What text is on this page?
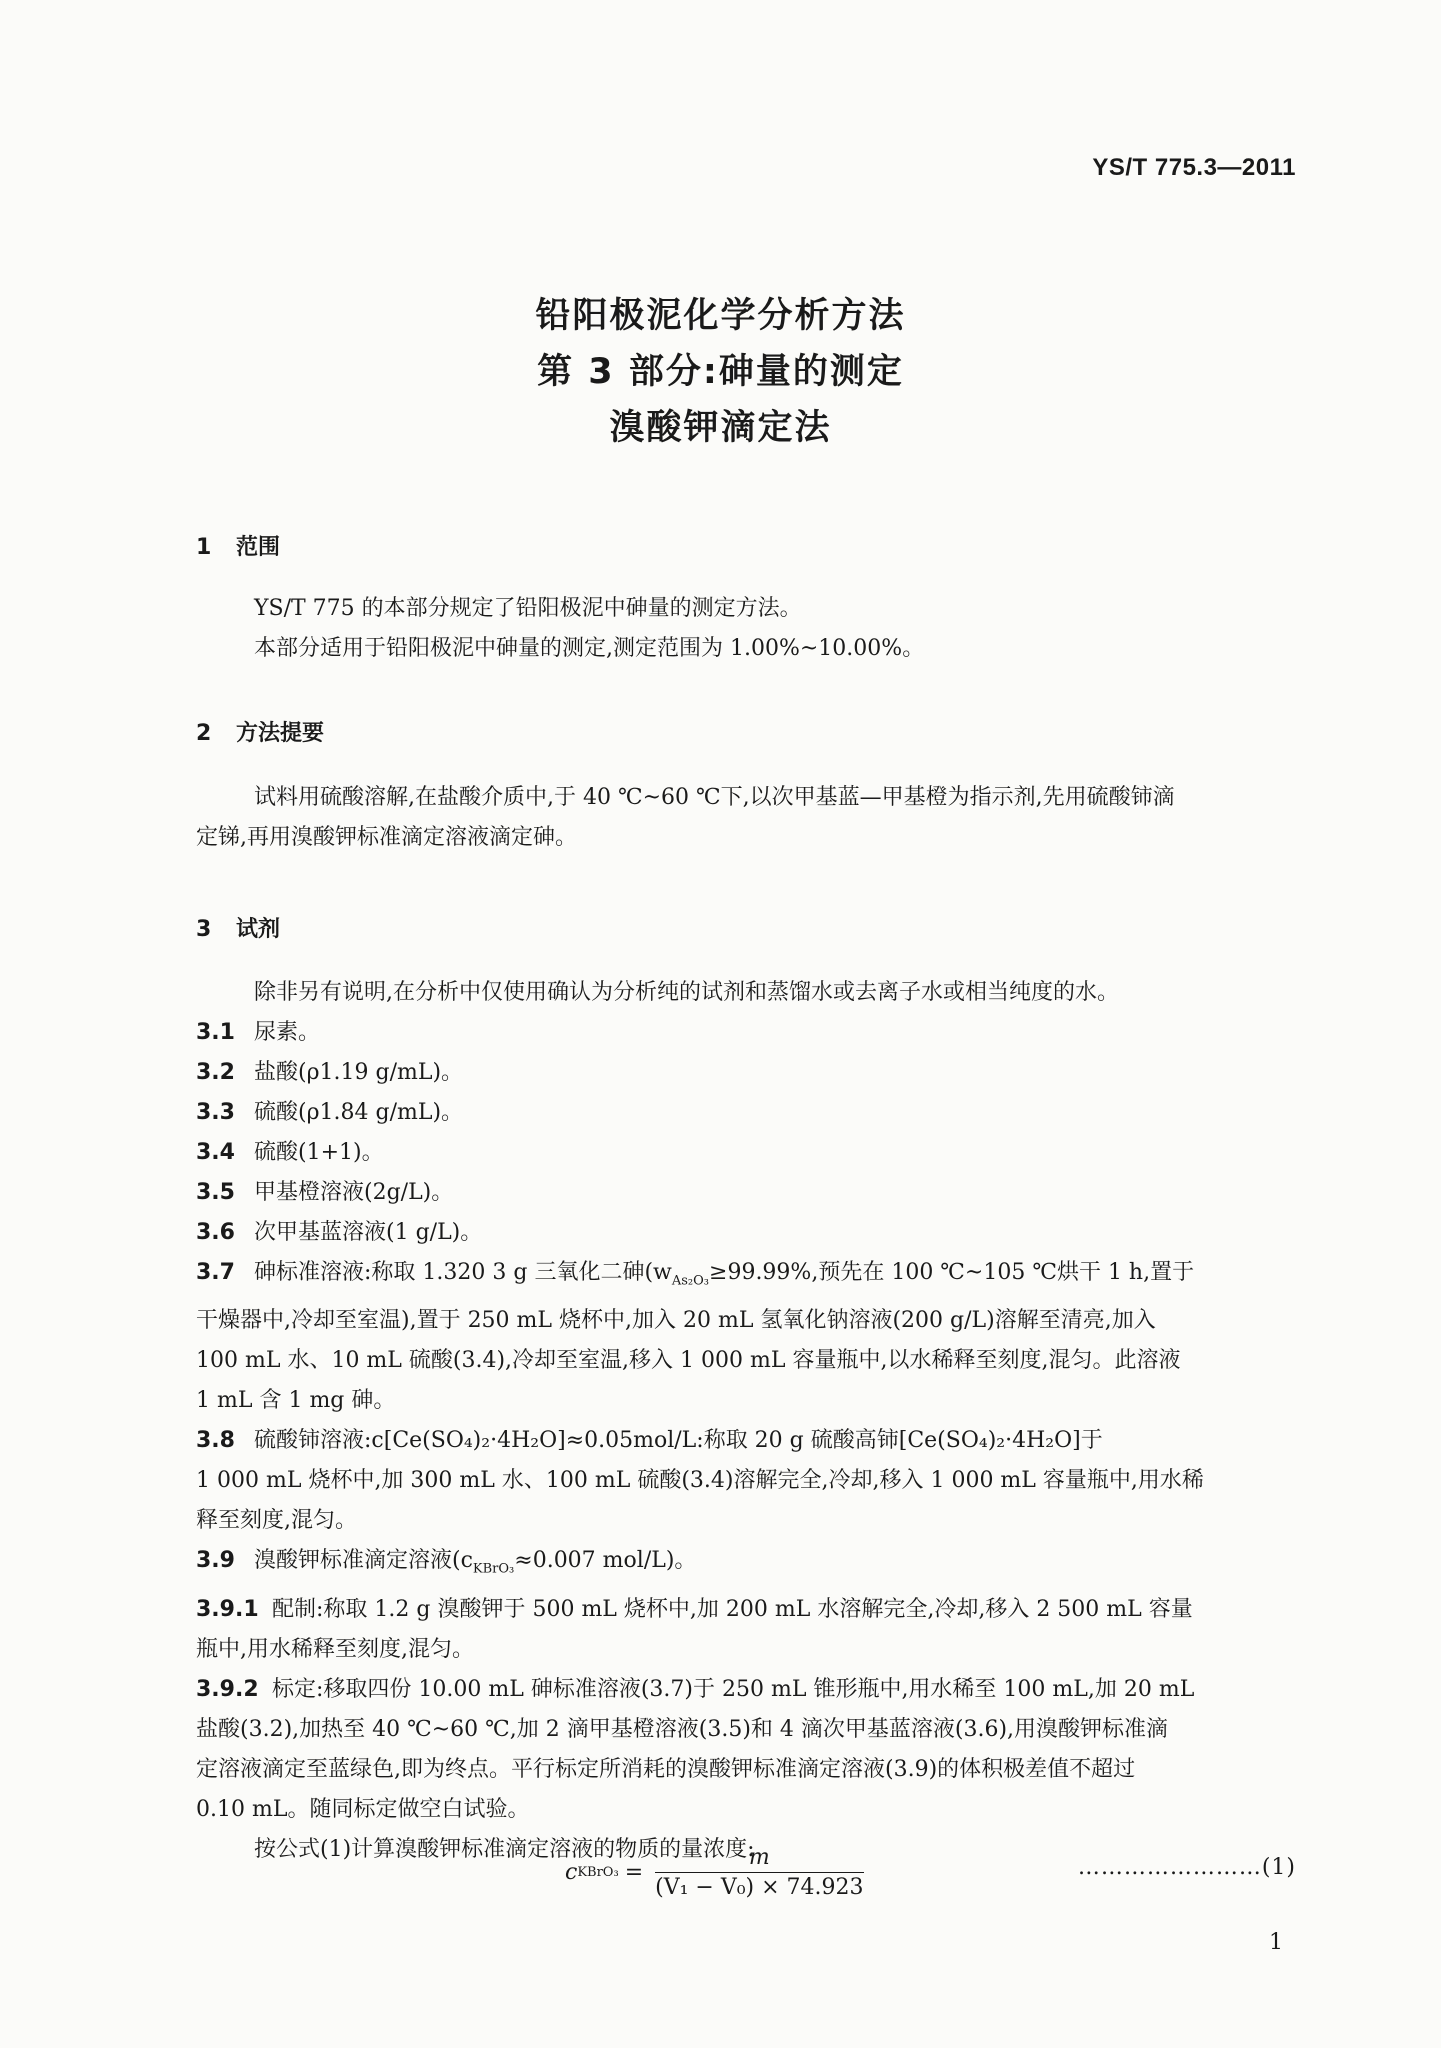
YS/T 775.3—2011
铅阳极泥化学分析方法
第 3 部分:砷量的测定
溴酸钾滴定法
1 范围
YS/T 775 的本部分规定了铅阳极泥中砷量的测定方法。
本部分适用于铅阳极泥中砷量的测定,测定范围为 1.00%~10.00%。
2 方法提要
试料用硫酸溶解,在盐酸介质中,于 40 ℃~60 ℃下,以次甲基蓝—甲基橙为指示剂,先用硫酸铈滴
定锑,再用溴酸钾标准滴定溶液滴定砷。
3 试剂
除非另有说明,在分析中仅使用确认为分析纯的试剂和蒸馏水或去离子水或相当纯度的水。
3.1 尿素。
3.2 盐酸(ρ1.19 g/mL)。
3.3 硫酸(ρ1.84 g/mL)。
3.4 硫酸(1+1)。
3.5 甲基橙溶液(2g/L)。
3.6 次甲基蓝溶液(1 g/L)。
3.7 砷标准溶液:称取 1.320 3 g 三氧化二砷($w_{As_2O_3}\ge 99.99\%$,预先在 100 ℃~105 ℃烘干 1 h,置于
干燥器中,冷却至室温),置于 250 mL 烧杯中,加入 20 mL 氢氧化钠溶液(200 g/L)溶解至清亮,加入
100 mL 水、10 mL 硫酸(3.4),冷却至室温,移入 1 000 mL 容量瓶中,以水稀释至刻度,混匀。此溶液
1 mL 含 1 mg 砷。
3.8 硫酸铈溶液:c[Ce(SO₄)₂·4H₂O]≈0.05mol/L:称取 20 g 硫酸高铈[Ce(SO₄)₂·4H₂O]于
1 000 mL 烧杯中,加 300 mL 水、100 mL 硫酸(3.4)溶解完全,冷却,移入 1 000 mL 容量瓶中,用水稀
释至刻度,混匀。
3.9 溴酸钾标准滴定溶液($c_{KBrO_3}\approx 0.007$ mol/L)。
3.9.1 配制:称取 1.2 g 溴酸钾于 500 mL 烧杯中,加 200 mL 水溶解完全,冷却,移入 2 500 mL 容量
瓶中,用水稀释至刻度,混匀。
3.9.2 标定:移取四份 10.00 mL 砷标准溶液(3.7)于 250 mL 锥形瓶中,用水稀至 100 mL,加 20 mL
盐酸(3.2),加热至 40 ℃~60 ℃,加 2 滴甲基橙溶液(3.5)和 4 滴次甲基蓝溶液(3.6),用溴酸钾标准滴
定溶液滴定至蓝绿色,即为终点。平行标定所消耗的溴酸钾标准滴定溶液(3.9)的体积极差值不超过
0.10 mL。随同标定做空白试验。
按公式(1)计算溴酸钾标准滴定溶液的物质的量浓度:
c KBrO₃ = $\frac{m}{\text{(V₁ − V₀) × 74.923}}$	……………………(1)
1
